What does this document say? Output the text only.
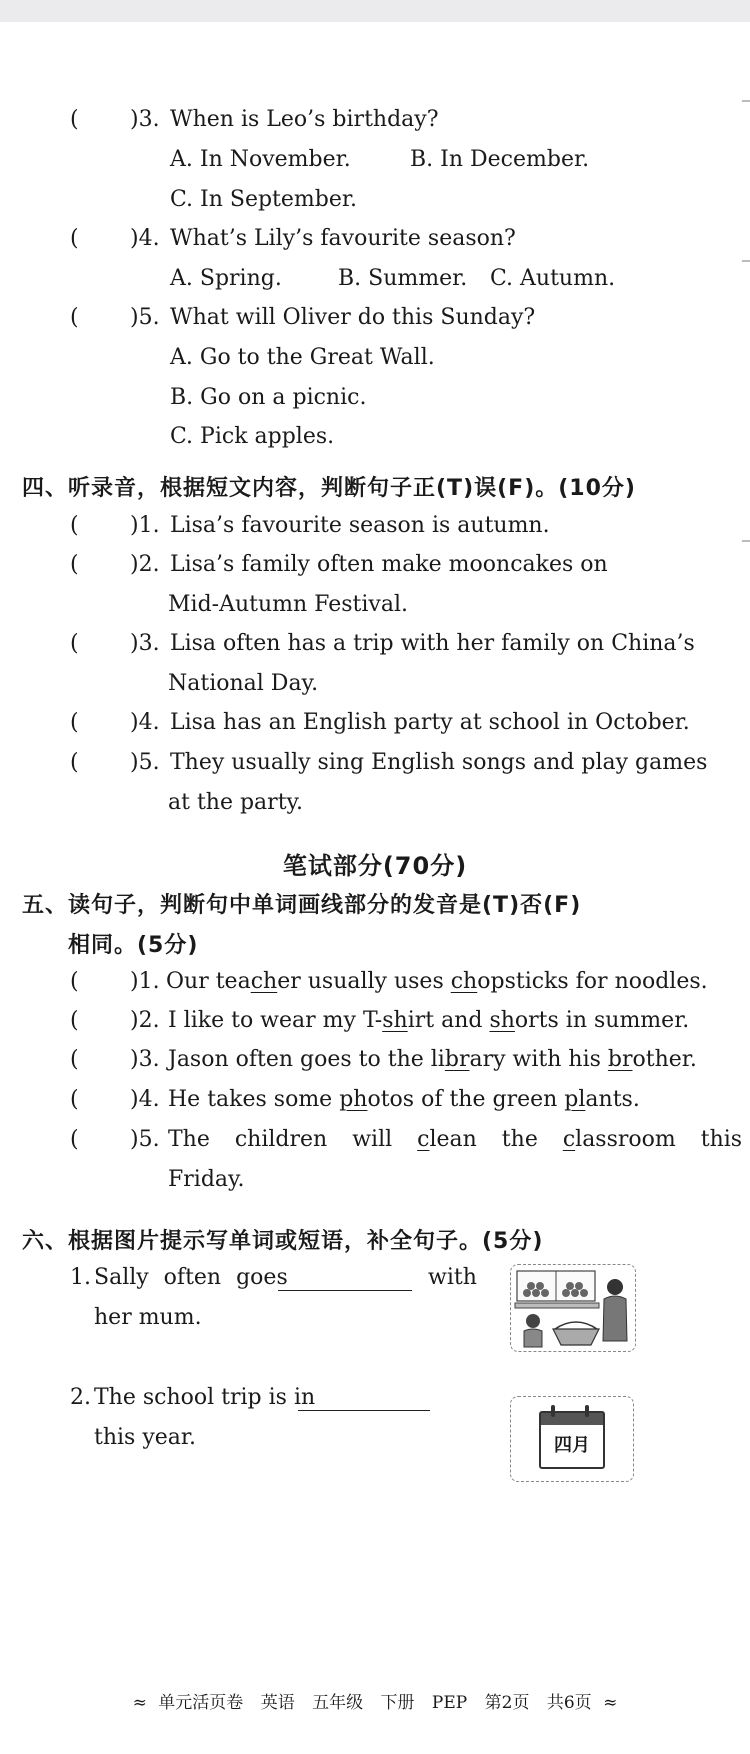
( )3. When is Leo’s birthday?
A. In November.	B. In December.
C. In September.
( )4. What’s Lily’s favourite season?
A. Spring.	B. Summer. C. Autumn.
( )5. What will Oliver do this Sunday?
A. Go to the Great Wall.
B. Go on a picnic.
C. Pick apples.
四、听录音，根据短文内容，判断句子正(T)误(F)。(10分)
( )1. Lisa’s favourite season is autumn.
( )2. Lisa’s family often make mooncakes on
Mid-Autumn Festival.
( )3. Lisa often has a trip with her family on China’s
National Day.
( )4. Lisa has an English party at school in October.
( )5. They usually sing English songs and play games
at the party.
笔试部分(70分)
五、读句子，判断句中单词画线部分的发音是(T)否(F)
相同。(5分)
( )1. Our teacher usually uses chopsticks for noodles.
( )2. I like to wear my T-shirt and shorts in summer.
( )3. Jason often goes to the library with his brother.
( )4. He takes some photos of the green plants.
( )5. The children will clean the classroom this
Friday.
六、根据图片提示写单词或短语，补全句子。(5分)
1. Sally often goes	with
her mum.
2. The school trip is in
this year.	四月
≈ 单元活页卷 英语 五年级 下册 PEP 第2页 共6页 ≈
